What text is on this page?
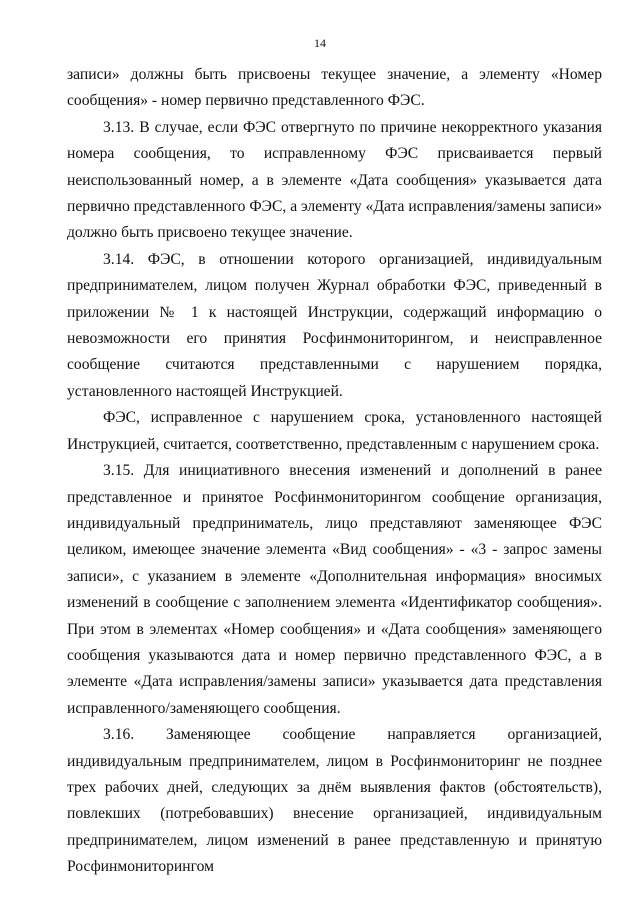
14

записи» должны быть присвоены текущее значение, а элементу «Номер сообщения» - номер первично представленного ФЭС.

3.13. В случае, если ФЭС отвергнуто по причине некорректного указания номера сообщения, то исправленному ФЭС присваивается первый неиспользованный номер, а в элементе «Дата сообщения» указывается дата первично представленного ФЭС, а элементу «Дата исправления/замены записи» должно быть присвоено текущее значение.

3.14. ФЭС, в отношении которого организацией, индивидуальным предпринимателем, лицом получен Журнал обработки ФЭС, приведенный в приложении № 1 к настоящей Инструкции, содержащий информацию о невозможности его принятия Росфинмониторингом, и неисправленное сообщение считаются представленными с нарушением порядка, установленного настоящей Инструкцией.

ФЭС, исправленное с нарушением срока, установленного настоящей Инструкцией, считается, соответственно, представленным с нарушением срока.

3.15. Для инициативного внесения изменений и дополнений в ранее представленное и принятое Росфинмониторингом сообщение организация, индивидуальный предприниматель, лицо представляют заменяющее ФЭС целиком, имеющее значение элемента «Вид сообщения» - «3 - запрос замены записи», с указанием в элементе «Дополнительная информация» вносимых изменений в сообщение с заполнением элемента «Идентификатор сообщения». При этом в элементах «Номер сообщения» и «Дата сообщения» заменяющего сообщения указываются дата и номер первично представленного ФЭС, а в элементе «Дата исправления/замены записи» указывается дата представления исправленного/заменяющего сообщения.

3.16. Заменяющее сообщение направляется организацией, индивидуальным предпринимателем, лицом в Росфинмониторинг не позднее трех рабочих дней, следующих за днём выявления фактов (обстоятельств), повлекших (потребовавших) внесение организацией, индивидуальным предпринимателем, лицом изменений в ранее представленную и принятую Росфинмониторингом
